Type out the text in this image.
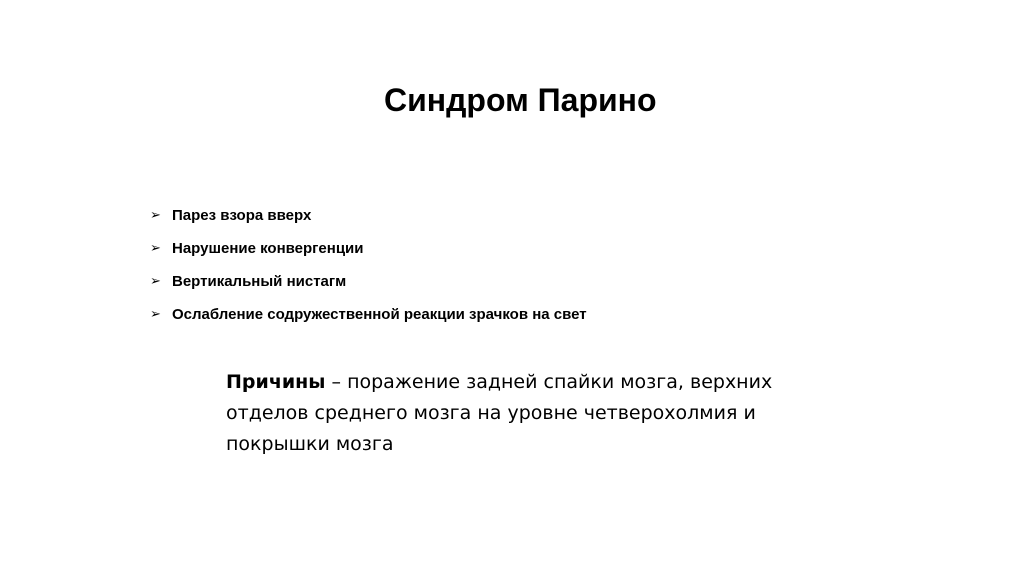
Синдром Парино
➢ Парез взора вверх
➢ Нарушение конвергенции
➢ Вертикальный нистагм
➢ Ослабление содружественной реакции зрачков на свет
Причины – поражение задней спайки мозга, верхних отделов среднего мозга на уровне четверохолмия и покрышки мозга
